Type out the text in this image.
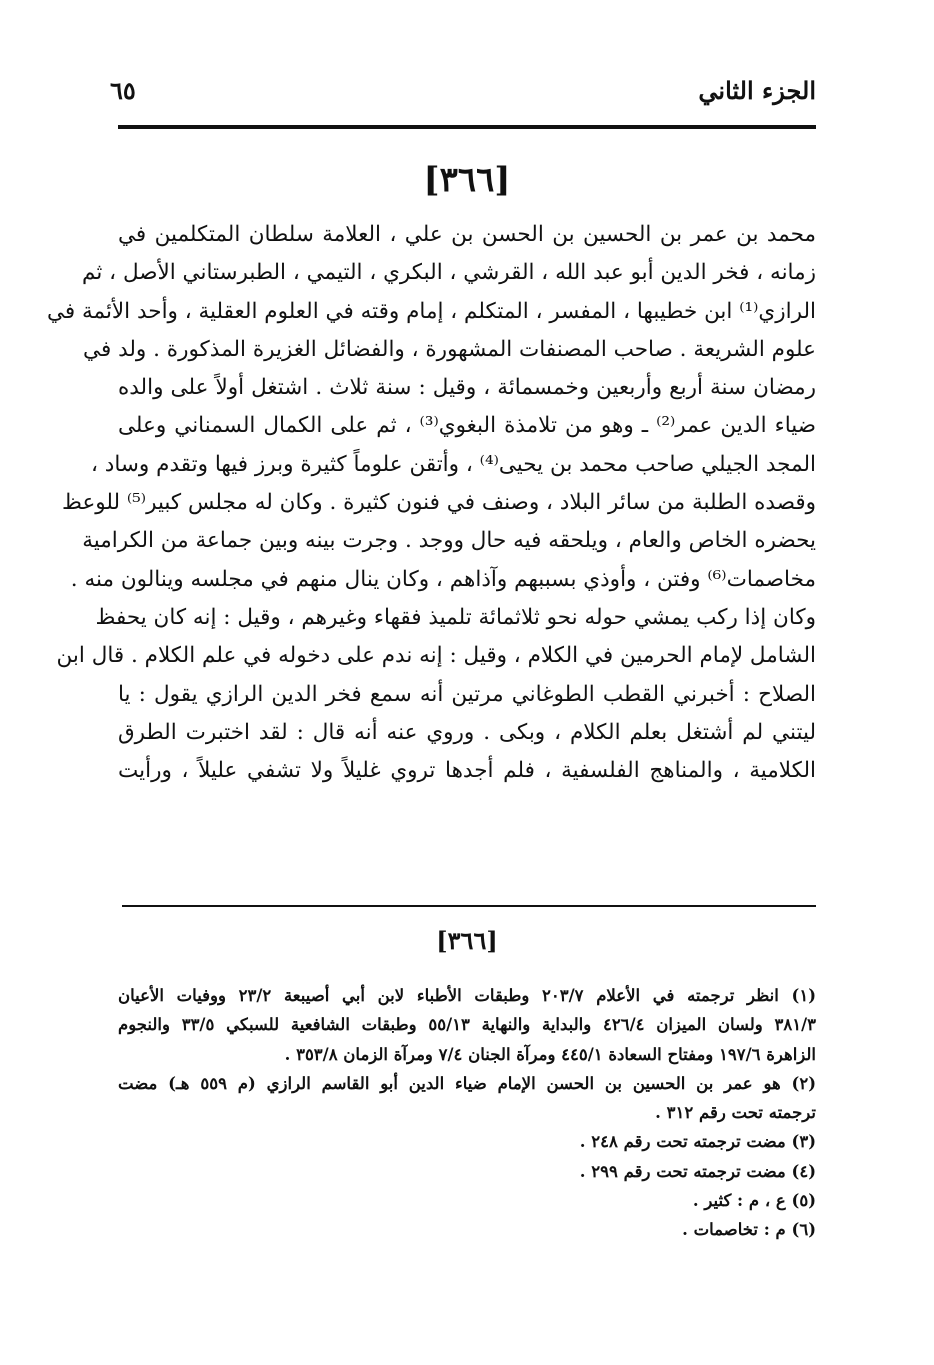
الجزء الثاني
٦٥
[٣٦٦]
محمد بن عمر بن الحسين بن الحسن بن علي ، العلامة سلطان المتكلمين في
زمانه ، فخر الدين أبو عبد الله ، القرشي ، البكري ، التيمي ، الطبرستاني الأصل ، ثم
الرازي⁽¹⁾ ابن خطيبها ، المفسر ، المتكلم ، إمام وقته في العلوم العقلية ، وأحد الأئمة في
علوم الشريعة . صاحب المصنفات المشهورة ، والفضائل الغزيرة المذكورة . ولد في
رمضان سنة أربع وأربعين وخمسمائة ، وقيل : سنة ثلاث . اشتغل أولاً على والده
ضياء الدين عمر⁽²⁾ ـ وهو من تلامذة البغوي⁽³⁾ ، ثم على الكمال السمناني وعلى
المجد الجيلي صاحب محمد بن يحيى⁽⁴⁾ ، وأتقن علوماً كثيرة وبرز فيها وتقدم وساد ،
وقصده الطلبة من سائر البلاد ، وصنف في فنون كثيرة . وكان له مجلس كبير⁽⁵⁾ للوعظ
يحضره الخاص والعام ، ويلحقه فيه حال ووجد . وجرت بينه وبين جماعة من الكرامية
مخاصمات⁽⁶⁾ وفتن ، وأوذي بسببهم وآذاهم ، وكان ينال منهم في مجلسه وينالون منه .
وكان إذا ركب يمشي حوله نحو ثلاثمائة تلميذ فقهاء وغيرهم ، وقيل : إنه كان يحفظ
الشامل لإمام الحرمين في الكلام ، وقيل : إنه ندم على دخوله في علم الكلام . قال ابن
الصلاح : أخبرني القطب الطوغاني مرتين أنه سمع فخر الدين الرازي يقول : يا
ليتني لم أشتغل بعلم الكلام ، وبكى . وروي عنه أنه قال : لقد اختبرت الطرق
الكلامية ، والمناهج الفلسفية ، فلم أجدها تروي غليلاً ولا تشفي عليلاً ، ورأيت
[٣٦٦]
(١) انظر ترجمته في الأعلام ٢٠٣/٧ وطبقات الأطباء لابن أبي أصيبعة ٢٣/٢ ووفيات الأعيان
٣٨١/٣ ولسان الميزان ٤٢٦/٤ والبداية والنهاية ٥٥/١٣ وطبقات الشافعية للسبكي ٣٣/٥ والنجوم
الزاهرة ١٩٧/٦ ومفتاح السعادة ٤٤٥/١ ومرآة الجنان ٧/٤ ومرآة الزمان ٣٥٣/٨ .
(٢) هو عمر بن الحسين بن الحسن الإمام ضياء الدين أبو القاسم الرازي (م ٥٥٩ هـ) مضت
ترجمته تحت رقم ٣١٢ .
(٣) مضت ترجمته تحت رقم ٢٤٨ .
(٤) مضت ترجمته تحت رقم ٢٩٩ .
(٥) ع ، م : كثير .
(٦) م : تخاصمات .
